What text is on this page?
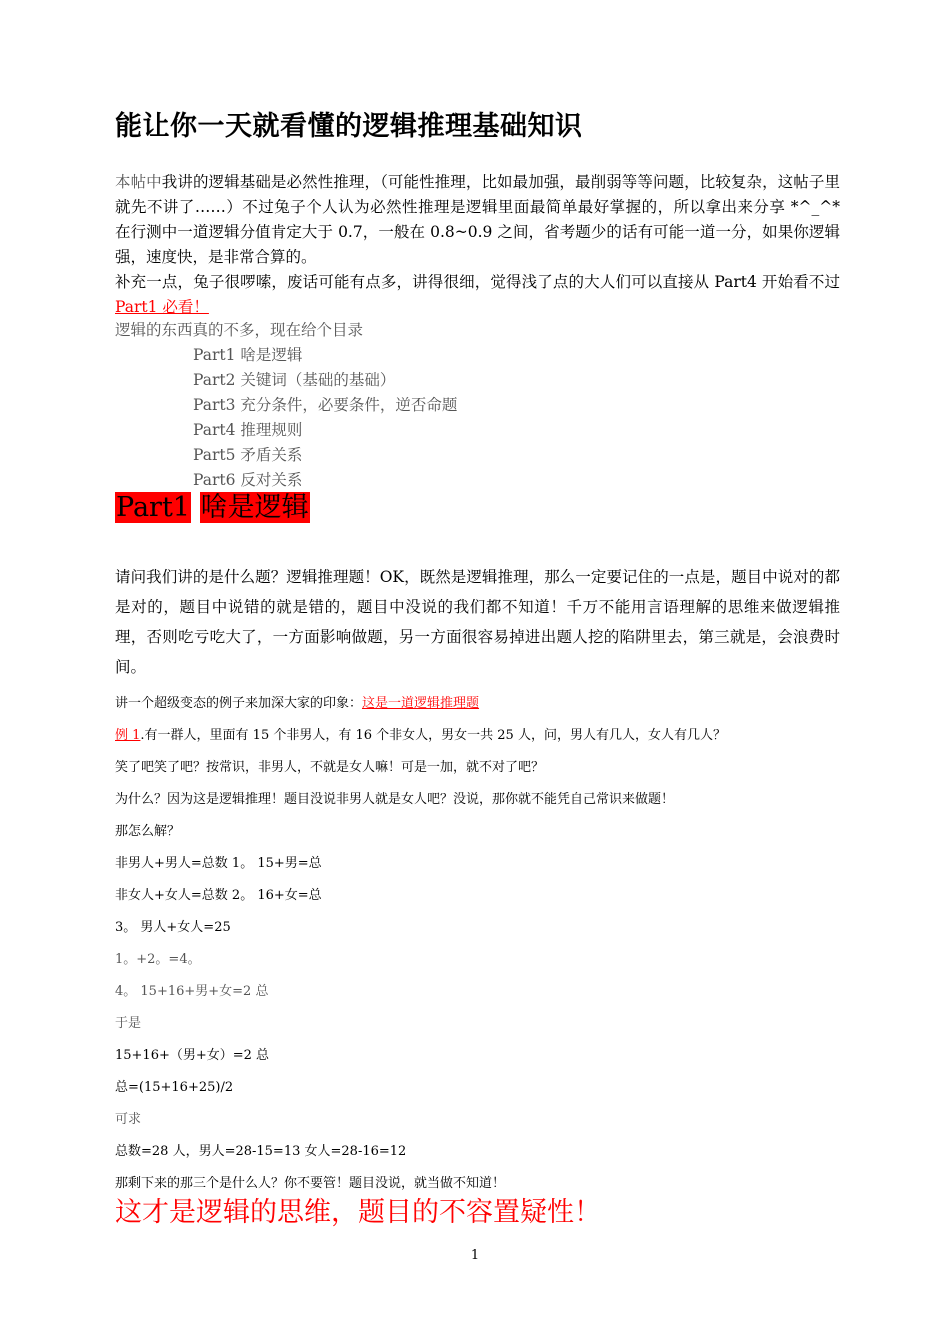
能让你一天就看懂的逻辑推理基础知识
本帖中我讲的逻辑基础是必然性推理，（可能性推理，比如最加强，最削弱等等问题，比较复杂，这帖子里就先不讲了……）不过兔子个人认为必然性推理是逻辑里面最简单最好掌握的，所以拿出来分享 *^_^* 在行测中一道逻辑分值肯定大于 0.7，一般在 0.8~0.9 之间，省考题少的话有可能一道一分，如果你逻辑强，速度快，是非常合算的。
补充一点，兔子很啰嗦，废话可能有点多，讲得很细，觉得浅了点的大人们可以直接从 Part4 开始看不过 Part1 必看！
逻辑的东西真的不多，现在给个目录
Part1 啥是逻辑
Part2 关键词（基础的基础）
Part3 充分条件，必要条件，逆否命题
Part4 推理规则
Part5 矛盾关系
Part6 反对关系
Part1 啥是逻辑
请问我们讲的是什么题？逻辑推理题！OK，既然是逻辑推理，那么一定要记住的一点是，题目中说对的都是对的，题目中说错的就是错的，题目中没说的我们都不知道！千万不能用言语理解的思维来做逻辑推理，否则吃亏吃大了，一方面影响做题，另一方面很容易掉进出题人挖的陷阱里去，第三就是，会浪费时间。
讲一个超级变态的例子来加深大家的印象：这是一道逻辑推理题
例 1.有一群人，里面有 15 个非男人，有 16 个非女人，男女一共 25 人，问，男人有几人，女人有几人？
笑了吧笑了吧？按常识，非男人，不就是女人嘛！可是一加，就不对了吧？
为什么？因为这是逻辑推理！题目没说非男人就是女人吧？没说，那你就不能凭自己常识来做题！
那怎么解？
非男人+男人=总数 1。 15+男=总
非女人+女人=总数 2。 16+女=总
3。 男人+女人=25
1。+2。=4。
4。 15+16+男+女=2 总
于是
15+16+（男+女）=2 总
总=(15+16+25)/2
可求
总数=28 人，男人=28-15=13 女人=28-16=12
那剩下来的那三个是什么人？你不要管！题目没说，就当做不知道！
这才是逻辑的思维，题目的不容置疑性！
1
